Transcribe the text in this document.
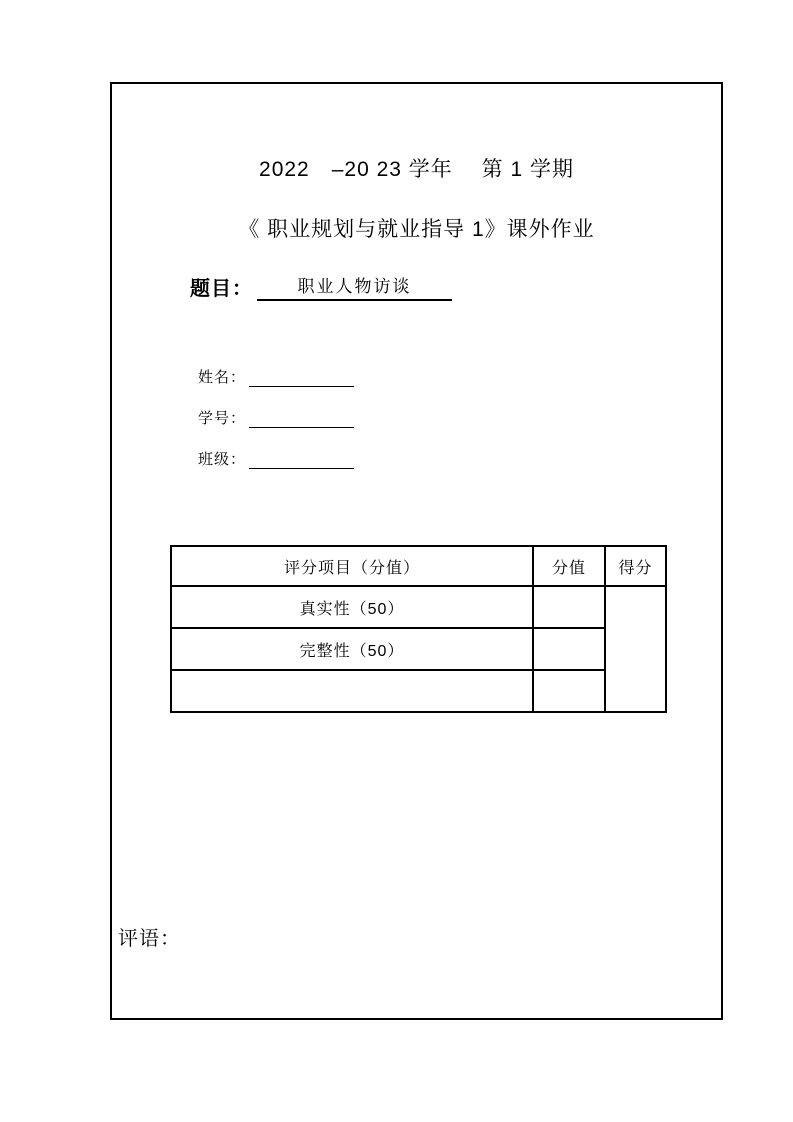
2022　–20 23 学年　 第 1 学期
《 职业规划与就业指导 1》课外作业
题目：	职业人物访谈
姓名：
学号：
班级：
评分项目（分值）	分值	得分
真实性（50）		
完整性（50）		

评语：
